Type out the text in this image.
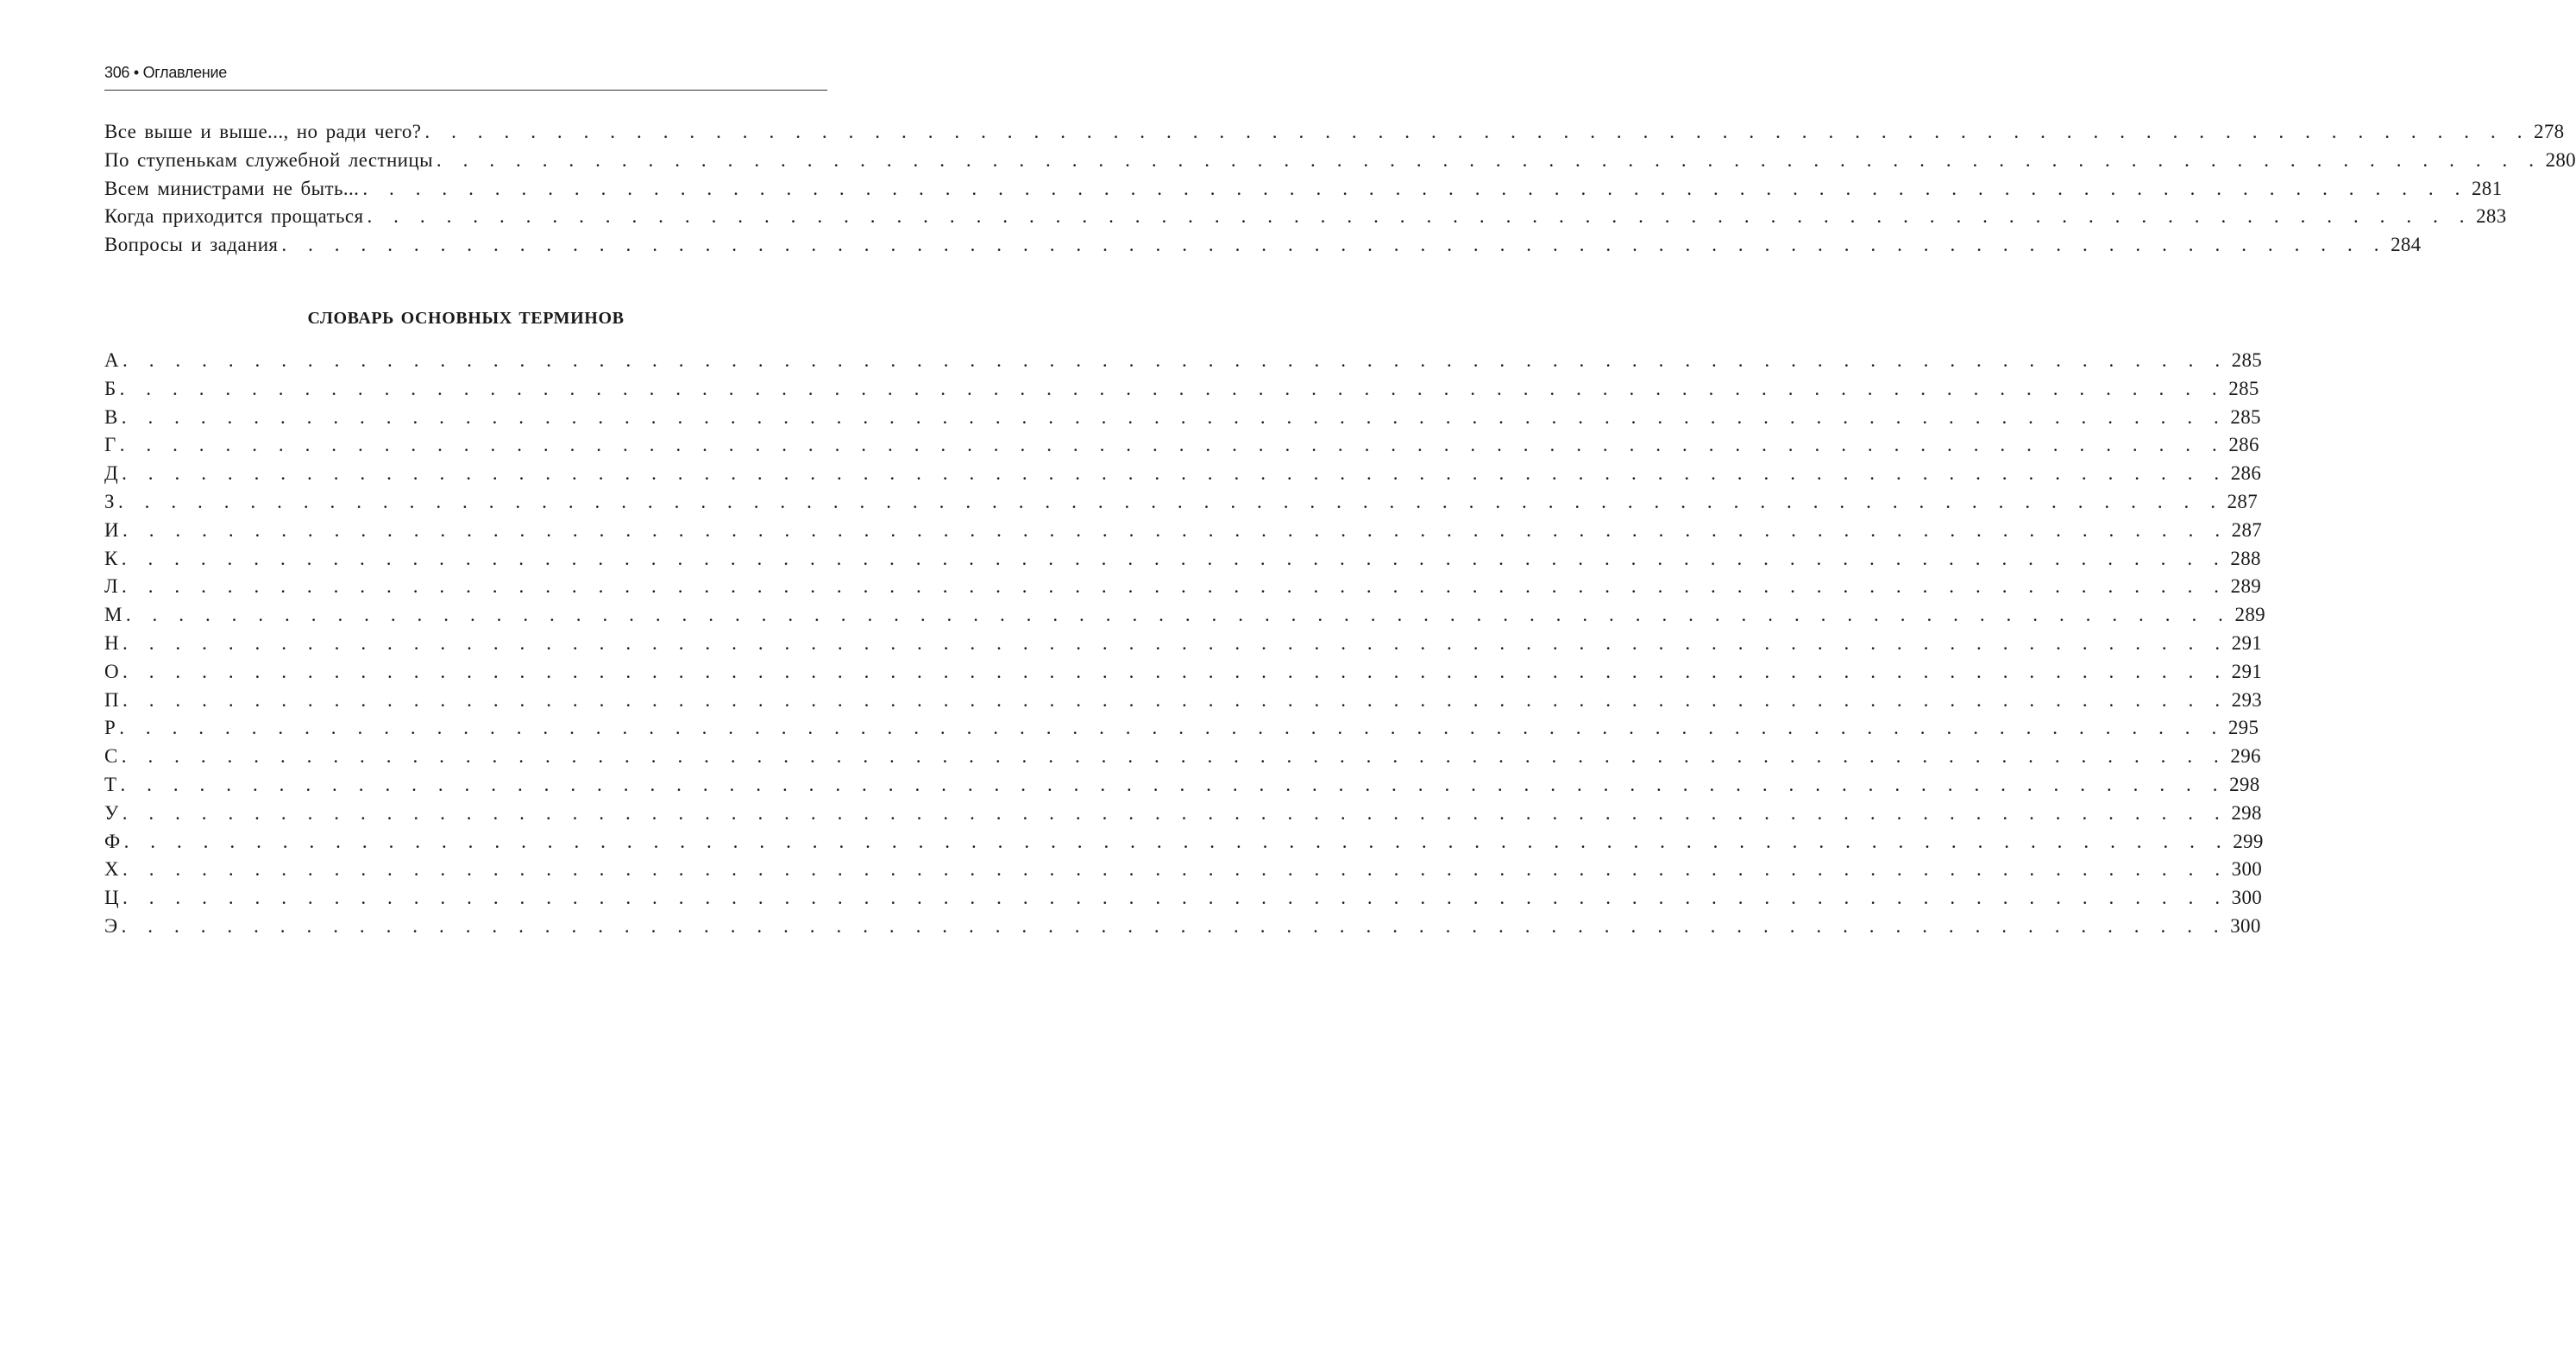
306 • Оглавление
Все выше и выше..., но ради чего? . . . . . . . . . . . . . . . . . . . . . . . . . . . . . . . . . . . . . . . . . . . . . . . . . . . . . . . . . . . . . . . . . . . . . . . . . . . . . . . . 278
По ступенькам служебной лестницы . . . . . . . . . . . . . . . . . . . . . . . . . . . . . . . . . . . . . . . . . . . . . . . . . . . . . . . . . . . . . . . . . . . . . . . . . . . . . . . . 280
Всем министрами не быть... . . . . . . . . . . . . . . . . . . . . . . . . . . . . . . . . . . . . . . . . . . . . . . . . . . . . . . . . . . . . . . . . . . . . . . . . . . . . . . . . 281
Когда приходится прощаться . . . . . . . . . . . . . . . . . . . . . . . . . . . . . . . . . . . . . . . . . . . . . . . . . . . . . . . . . . . . . . . . . . . . . . . . . . . . . . . . 283
Вопросы и задания . . . . . . . . . . . . . . . . . . . . . . . . . . . . . . . . . . . . . . . . . . . . . . . . . . . . . . . . . . . . . . . . . . . . . . . . . . . . . . . . 284
СЛОВАРЬ ОСНОВНЫХ ТЕРМИНОВ
А . . . . . . . . . . . . . . . . . . . . . . . . . . . . . . . . . . . . . . . . . . . . . . . . . . . . . . . . . . . . . . . . . . . . . . . . . . . . . . . . 285
Б . . . . . . . . . . . . . . . . . . . . . . . . . . . . . . . . . . . . . . . . . . . . . . . . . . . . . . . . . . . . . . . . . . . . . . . . . . . . . . . . 285
В . . . . . . . . . . . . . . . . . . . . . . . . . . . . . . . . . . . . . . . . . . . . . . . . . . . . . . . . . . . . . . . . . . . . . . . . . . . . . . . . 285
Г . . . . . . . . . . . . . . . . . . . . . . . . . . . . . . . . . . . . . . . . . . . . . . . . . . . . . . . . . . . . . . . . . . . . . . . . . . . . . . . . 286
Д . . . . . . . . . . . . . . . . . . . . . . . . . . . . . . . . . . . . . . . . . . . . . . . . . . . . . . . . . . . . . . . . . . . . . . . . . . . . . . . . 286
З . . . . . . . . . . . . . . . . . . . . . . . . . . . . . . . . . . . . . . . . . . . . . . . . . . . . . . . . . . . . . . . . . . . . . . . . . . . . . . . . 287
И . . . . . . . . . . . . . . . . . . . . . . . . . . . . . . . . . . . . . . . . . . . . . . . . . . . . . . . . . . . . . . . . . . . . . . . . . . . . . . . . 287
К . . . . . . . . . . . . . . . . . . . . . . . . . . . . . . . . . . . . . . . . . . . . . . . . . . . . . . . . . . . . . . . . . . . . . . . . . . . . . . . . 288
Л . . . . . . . . . . . . . . . . . . . . . . . . . . . . . . . . . . . . . . . . . . . . . . . . . . . . . . . . . . . . . . . . . . . . . . . . . . . . . . . . 289
М . . . . . . . . . . . . . . . . . . . . . . . . . . . . . . . . . . . . . . . . . . . . . . . . . . . . . . . . . . . . . . . . . . . . . . . . . . . . . . . . 289
Н . . . . . . . . . . . . . . . . . . . . . . . . . . . . . . . . . . . . . . . . . . . . . . . . . . . . . . . . . . . . . . . . . . . . . . . . . . . . . . . . 291
О . . . . . . . . . . . . . . . . . . . . . . . . . . . . . . . . . . . . . . . . . . . . . . . . . . . . . . . . . . . . . . . . . . . . . . . . . . . . . . . . 291
П . . . . . . . . . . . . . . . . . . . . . . . . . . . . . . . . . . . . . . . . . . . . . . . . . . . . . . . . . . . . . . . . . . . . . . . . . . . . . . . . 293
Р . . . . . . . . . . . . . . . . . . . . . . . . . . . . . . . . . . . . . . . . . . . . . . . . . . . . . . . . . . . . . . . . . . . . . . . . . . . . . . . . 295
С . . . . . . . . . . . . . . . . . . . . . . . . . . . . . . . . . . . . . . . . . . . . . . . . . . . . . . . . . . . . . . . . . . . . . . . . . . . . . . . . 296
Т . . . . . . . . . . . . . . . . . . . . . . . . . . . . . . . . . . . . . . . . . . . . . . . . . . . . . . . . . . . . . . . . . . . . . . . . . . . . . . . . 298
У . . . . . . . . . . . . . . . . . . . . . . . . . . . . . . . . . . . . . . . . . . . . . . . . . . . . . . . . . . . . . . . . . . . . . . . . . . . . . . . . 298
Ф . . . . . . . . . . . . . . . . . . . . . . . . . . . . . . . . . . . . . . . . . . . . . . . . . . . . . . . . . . . . . . . . . . . . . . . . . . . . . . . . 299
Х . . . . . . . . . . . . . . . . . . . . . . . . . . . . . . . . . . . . . . . . . . . . . . . . . . . . . . . . . . . . . . . . . . . . . . . . . . . . . . . . 300
Ц . . . . . . . . . . . . . . . . . . . . . . . . . . . . . . . . . . . . . . . . . . . . . . . . . . . . . . . . . . . . . . . . . . . . . . . . . . . . . . . . 300
Э . . . . . . . . . . . . . . . . . . . . . . . . . . . . . . . . . . . . . . . . . . . . . . . . . . . . . . . . . . . . . . . . . . . . . . . . . . . . . . . . 300
